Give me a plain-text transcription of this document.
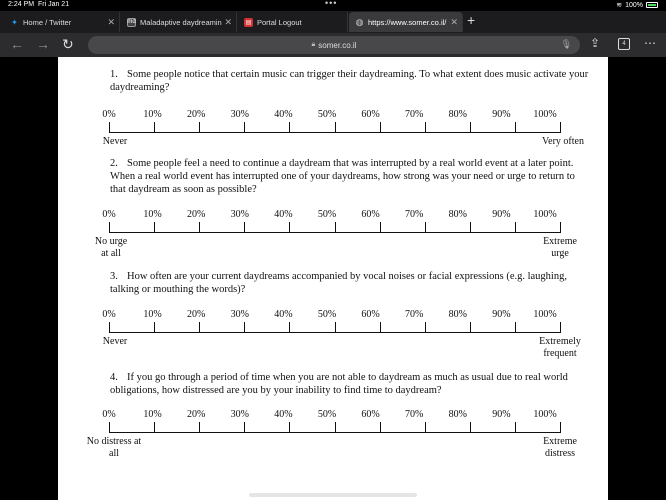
2:24 PM Fri Jan 21	•••	≋ 100%
✦ Home / Twitter	✕ md Maladaptive daydreamin ✕ ▤ Portal Logout	◍ https://www.somer.co.il/ ✕ +
← → ↻	🔒︎ somer.co.il	🎙︎ ⇪	4	⋯
1. Some people notice that certain music can trigger their daydreaming. To what extent does music activate your daydreaming?
0%	10%	20%	30%	40%	50%	60%	70%	80%	90% 100%
Never	Very often
2. Some people feel a need to continue a daydream that was interrupted by a real world event at a later point. When a real world event has interrupted one of your daydreams, how strong was your need or urge to return to that daydream as soon as possible?
0%	10%	20%	30%	40%	50%	60%	70%	80%	90% 100%
No urge at all
Extreme urge
3. How often are your current daydreams accompanied by vocal noises or facial expressions (e.g. laughing, talking or mouthing the words)?
0%	10%	20%	30%	40%	50%	60%	70%	80%	90% 100%
Never	Extremely frequent
4. If you go through a period of time when you are not able to daydream as much as usual due to real world obligations, how distressed are you by your inability to find time to daydream?
0%	10%	20%	30%	40%	50%	60%	70%	80%	90% 100%
No distress at all
Extreme distress
